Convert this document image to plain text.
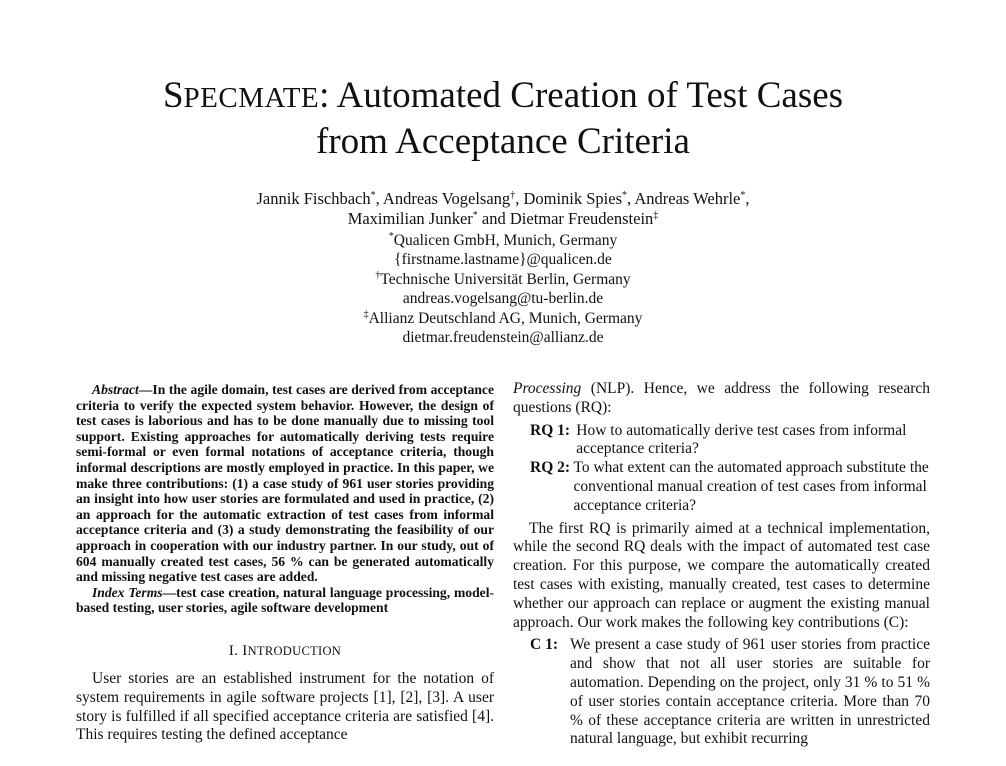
SPECMATE: Automated Creation of Test Cases
from Acceptance Criteria
Jannik Fischbach*, Andreas Vogelsang†, Dominik Spies*, Andreas Wehrle*,
Maximilian Junker* and Dietmar Freudenstein‡
*Qualicen GmbH, Munich, Germany
{firstname.lastname}@qualicen.de
†Technische Universität Berlin, Germany
andreas.vogelsang@tu-berlin.de
‡Allianz Deutschland AG, Munich, Germany
dietmar.freudenstein@allianz.de

Abstract—In the agile domain, test cases are derived from acceptance criteria to verify the expected system behavior. However, the design of test cases is laborious and has to be done manually due to missing tool support. Existing approaches for automatically deriving tests require semi-formal or even formal notations of acceptance criteria, though informal descriptions are mostly employed in practice. In this paper, we make three contributions: (1) a case study of 961 user stories providing an insight into how user stories are formulated and used in practice, (2) an approach for the automatic extraction of test cases from informal acceptance criteria and (3) a study demonstrating the feasibility of our approach in cooperation with our industry partner. In our study, out of 604 manually created test cases, 56 % can be generated automatically and missing negative test cases are added.

Index Terms—test case creation, natural language processing, model-based testing, user stories, agile software development

I. INTRODUCTION

User stories are an established instrument for the notation of system requirements in agile software projects [1], [2], [3]. A user story is fulfilled if all specified acceptance criteria are satisfied [4]. This requires testing the defined acceptance

Processing (NLP). Hence, we address the following research questions (RQ):

RQ 1: How to automatically derive test cases from informal acceptance criteria?
RQ 2: To what extent can the automated approach substitute the conventional manual creation of test cases from informal acceptance criteria?

The first RQ is primarily aimed at a technical implementation, while the second RQ deals with the impact of automated test case creation. For this purpose, we compare the automatically created test cases with existing, manually created, test cases to determine whether our approach can replace or augment the existing manual approach. Our work makes the following key contributions (C):

C 1: We present a case study of 961 user stories from practice and show that not all user stories are suitable for automation. Depending on the project, only 31 % to 51 % of user stories contain acceptance criteria. More than 70 % of these acceptance criteria are written in unrestricted natural language, but exhibit recurring
